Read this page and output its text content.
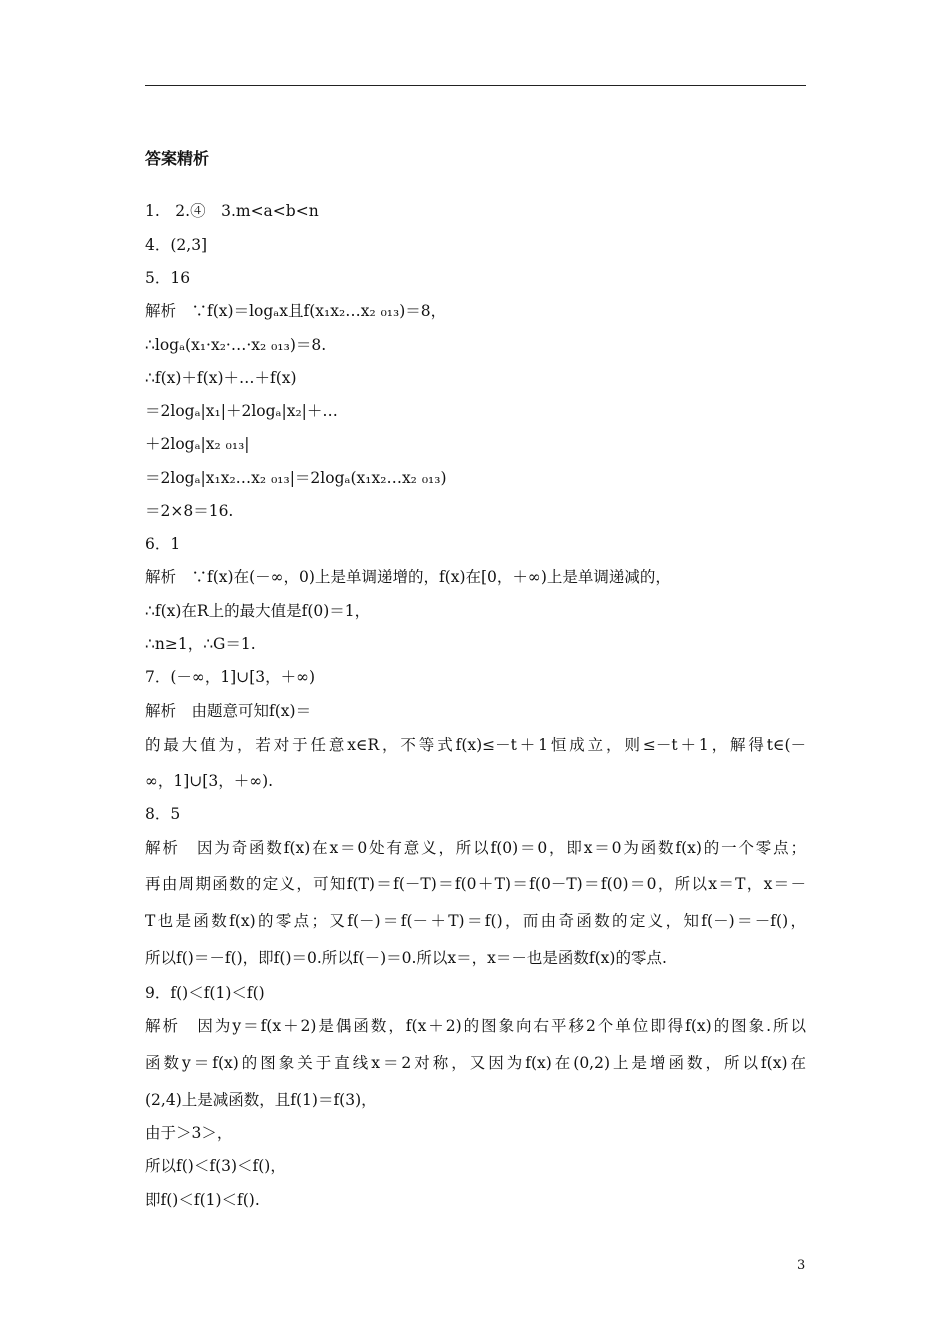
答案精析
1.　2.④　3.m<a<b<n
4．(2,3]
5．16
解析　∵f(x)＝logₐx且f(x₁x₂…x₂ ₀₁₃)＝8，
∴logₐ(x₁·x₂·…·x₂ ₀₁₃)＝8.
∴f(x)＋f(x)＋…＋f(x)
＝2logₐ|x₁|＋2logₐ|x₂|＋…
＋2logₐ|x₂ ₀₁₃|
＝2logₐ|x₁x₂…x₂ ₀₁₃|＝2logₐ(x₁x₂…x₂ ₀₁₃)
＝2×8＝16.
6．1
解析　∵f(x)在(－∞，0)上是单调递增的，f(x)在[0，＋∞)上是单调递减的，
∴f(x)在R上的最大值是f(0)＝1，
∴n≥1，∴G＝1.
7．(－∞，1]∪[3，＋∞)
解析　由题意可知f(x)＝
的最大值为，若对于任意x∈R，不等式f(x)≤－t＋1恒成立，则≤－t＋1，解得t∈(－
∞，1]∪[3，＋∞).
8．5
解析　因为奇函数f(x)在x＝0处有意义，所以f(0)＝0，即x＝0为函数f(x)的一个零点；
再由周期函数的定义，可知f(T)＝f(－T)＝f(0＋T)＝f(0－T)＝f(0)＝0，所以x＝T，x＝－
T也是函数f(x)的零点；又f(－)＝f(－＋T)＝f()，而由奇函数的定义，知f(－)＝－f()，
所以f()＝－f()，即f()＝0.所以f(－)＝0.所以x＝，x＝－也是函数f(x)的零点.
9．f()＜f(1)＜f()
解析　因为y＝f(x＋2)是偶函数，f(x＋2)的图象向右平移2个单位即得f(x)的图象.所以
函数y＝f(x)的图象关于直线x＝2对称，又因为f(x)在(0,2)上是增函数，所以f(x)在
(2,4)上是减函数，且f(1)＝f(3)，
由于＞3＞，
所以f()＜f(3)＜f()，
即f()＜f(1)＜f().
3
